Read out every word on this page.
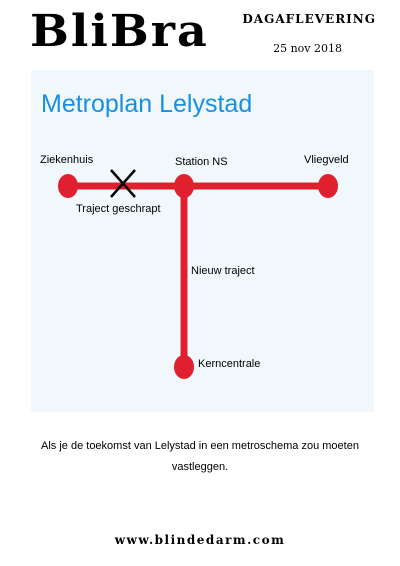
BliBra	DAGAFLEVERING
25 nov 2018
Metroplan Lelystad
Ziekenhuis	Station NS	Vliegveld
Kerncentrale
Traject geschrapt
Nieuw traject
Als je de toekomst van Lelystad in een metroschema zou moeten vastleggen.
www.blindedarm.com
